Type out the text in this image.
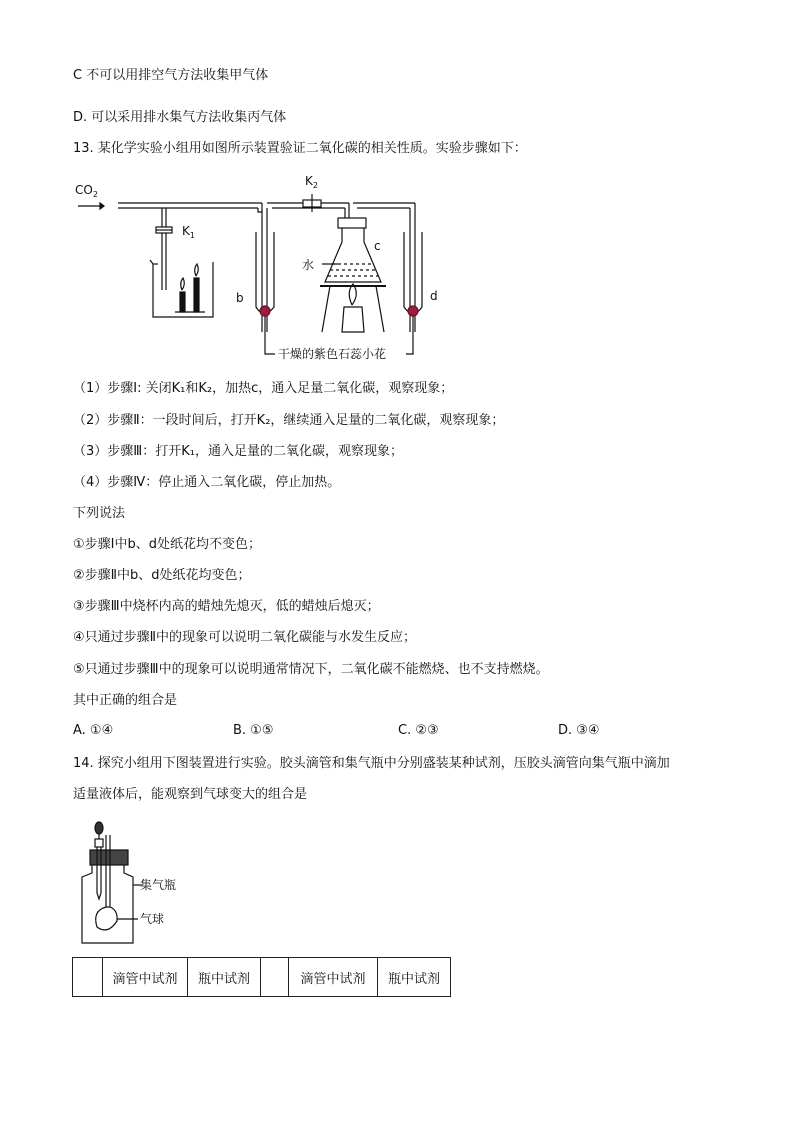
C 不可以用排空气方法收集甲气体
D. 可以采用排水集气方法收集丙气体
13. 某化学实验小组用如图所示装置验证二氧化碳的相关性质。实验步骤如下：
$CO_2$
$K_1$
$K_2$
b
c
d
水
干燥的紫色石蕊小花
（1）步骤Ⅰ: 关闭K₁和K₂，加热c，通入足量二氧化碳，观察现象；
（2）步骤Ⅱ：一段时间后，打开K₂，继续通入足量的二氧化碳，观察现象；
（3）步骤Ⅲ：打开K₁，通入足量的二氧化碳，观察现象；
（4）步骤Ⅳ：停止通入二氧化碳，停止加热。
下列说法
①步骤Ⅰ中b、d处纸花均不变色；
②步骤Ⅱ中b、d处纸花均变色；
③步骤Ⅲ中烧杯内高的蜡烛先熄灭，低的蜡烛后熄灭；
④只通过步骤Ⅱ中的现象可以说明二氧化碳能与水发生反应；
⑤只通过步骤Ⅲ中的现象可以说明通常情况下，二氧化碳不能燃烧、也不支持燃烧。
其中正确的组合是
A. ①④	B. ①⑤	C. ②③	D. ③④
14. 探究小组用下图装置进行实验。胶头滴管和集气瓶中分别盛装某种试剂，压胶头滴管向集气瓶中滴加
适量液体后，能观察到气球变大的组合是
集气瓶
气球
	滴管中试剂	瓶中试剂		滴管中试剂	瓶中试剂
